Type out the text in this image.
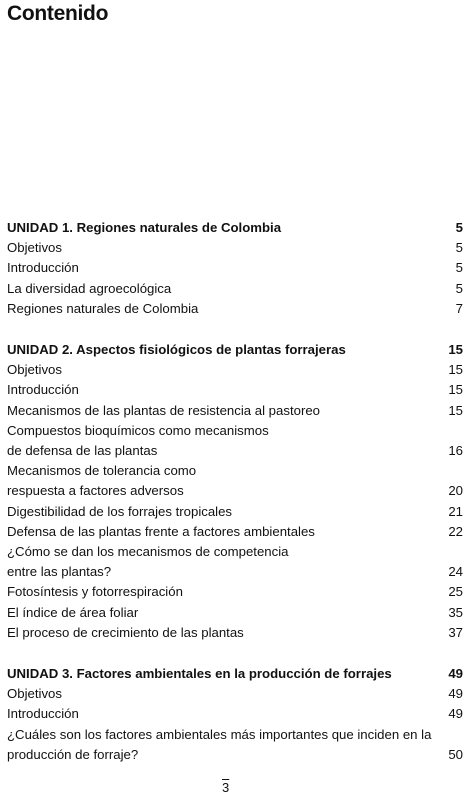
Contenido
UNIDAD 1. Regiones naturales de Colombia	5
Objetivos	5
Introducción	5
La diversidad agroecológica	5
Regiones naturales de Colombia	7
UNIDAD 2. Aspectos fisiológicos de plantas forrajeras	15
Objetivos	15
Introducción	15
Mecanismos de las plantas de resistencia al pastoreo	15
Compuestos bioquímicos como mecanismos
de defensa de las plantas	16
Mecanismos de tolerancia como
respuesta a factores adversos	20
Digestibilidad de los forrajes tropicales	21
Defensa de las plantas frente a factores ambientales	22
¿Cómo se dan los mecanismos de competencia
entre las plantas?	24
Fotosíntesis y fotorrespiración	25
El índice de área foliar	35
El proceso de crecimiento de las plantas	37
UNIDAD 3. Factores ambientales en la producción de forrajes	49
Objetivos	49
Introducción	49
¿Cuáles son los factores ambientales más importantes que inciden en la
producción de forraje?	50
3
